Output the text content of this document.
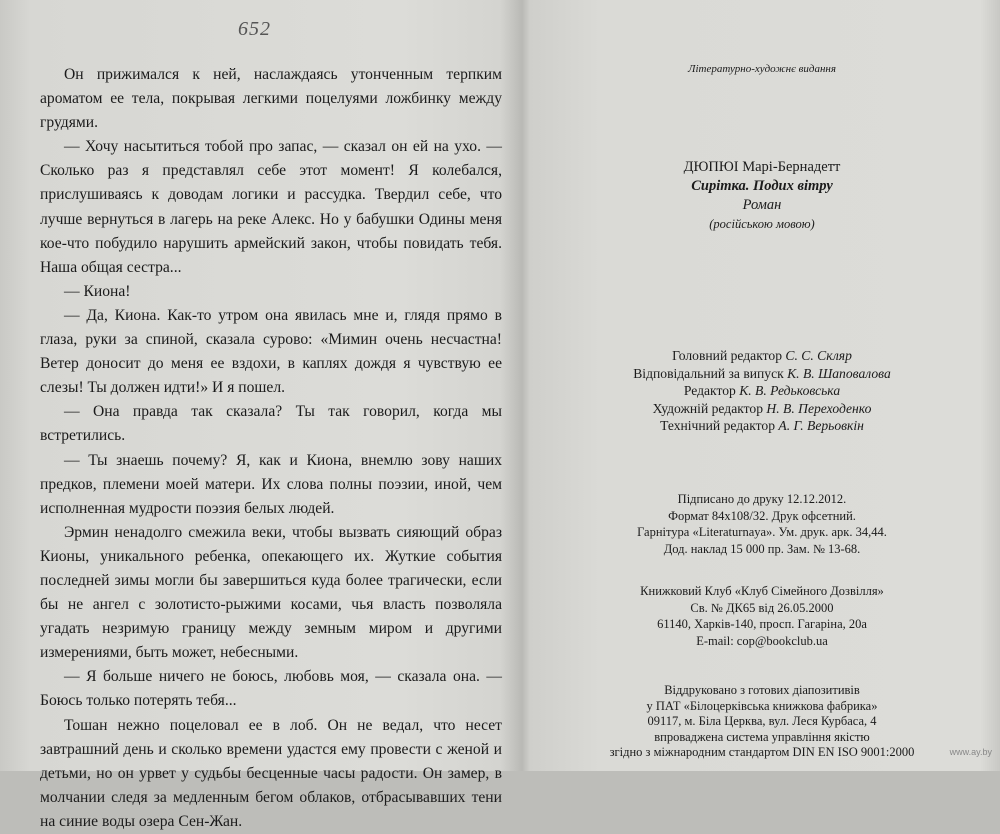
652

Он прижимался к ней, наслаждаясь утонченным терпким ароматом ее тела, покрывая легкими поцелуями ложбинку между грудями.

— Хочу насытиться тобой про запас, — сказал он ей на ухо. — Сколько раз я представлял себе этот момент! Я колебался, прислушиваясь к доводам логики и рассудка. Твердил себе, что лучше вернуться в лагерь на реке Алекс. Но у бабушки Одины меня кое-что побудило нарушить армейский закон, чтобы повидать тебя. Наша общая сестра...

— Киона!

— Да, Киона. Как-то утром она явилась мне и, глядя прямо в глаза, руки за спиной, сказала сурово: «Мимин очень несчастна! Ветер доносит до меня ее вздохи, в каплях дождя я чувствую ее слезы! Ты должен идти!» И я пошел.

— Она правда так сказала? Ты так говорил, когда мы встретились.

— Ты знаешь почему? Я, как и Киона, внемлю зову наших предков, племени моей матери. Их слова полны поэзии, иной, чем исполненная мудрости поэзия белых людей.

Эрмин ненадолго смежила веки, чтобы вызвать сияющий образ Кионы, уникального ребенка, опекающего их. Жуткие события последней зимы могли бы завершиться куда более трагически, если бы не ангел с золотисто-рыжими косами, чья власть позволяла угадать незримую границу между земным миром и другими измерениями, быть может, небесными.

— Я больше ничего не боюсь, любовь моя, — сказала она. — Боюсь только потерять тебя...

Тошан нежно поцеловал ее в лоб. Он не ведал, что несет завтрашний день и сколько времени удастся ему провести с женой и детьми, но он урвет у судьбы бесценные часы радости. Он замер, в молчании следя за медленным бегом облаков, отбрасывавших тени на синие воды озера Сен-Жан.

Літературно-художнє видання
ДЮПЮІ Марі-Бернадетт
Сирітка. Подих вітру
Роман
(російською мовою)
Головний редактор С. С. Скляр
Відповідальний за випуск К. В. Шаповалова
Редактор К. В. Редьковська
Художній редактор Н. В. Переходенко
Технічний редактор А. Г. Верьовкін
Підписано до друку 12.12.2012.
Формат 84x108/32. Друк офсетний.
Гарнітура «Literaturnaya». Ум. друк. арк. 34,44.
Дод. наклад 15 000 пр. Зам. № 13-68.
Книжковий Клуб «Клуб Сімейного Дозвілля»
Св. № ДК65 від 26.05.2000
61140, Харків-140, просп. Гагаріна, 20а
E-mail: cop@bookclub.ua
Віддруковано з готових діапозитивів
у ПАТ «Білоцерківська книжкова фабрика»
09117, м. Біла Церква, вул. Леся Курбаса, 4
впроваджена система управління якістю
згідно з міжнародним стандартом DIN EN ISO 9001:2000	www.ay.by
